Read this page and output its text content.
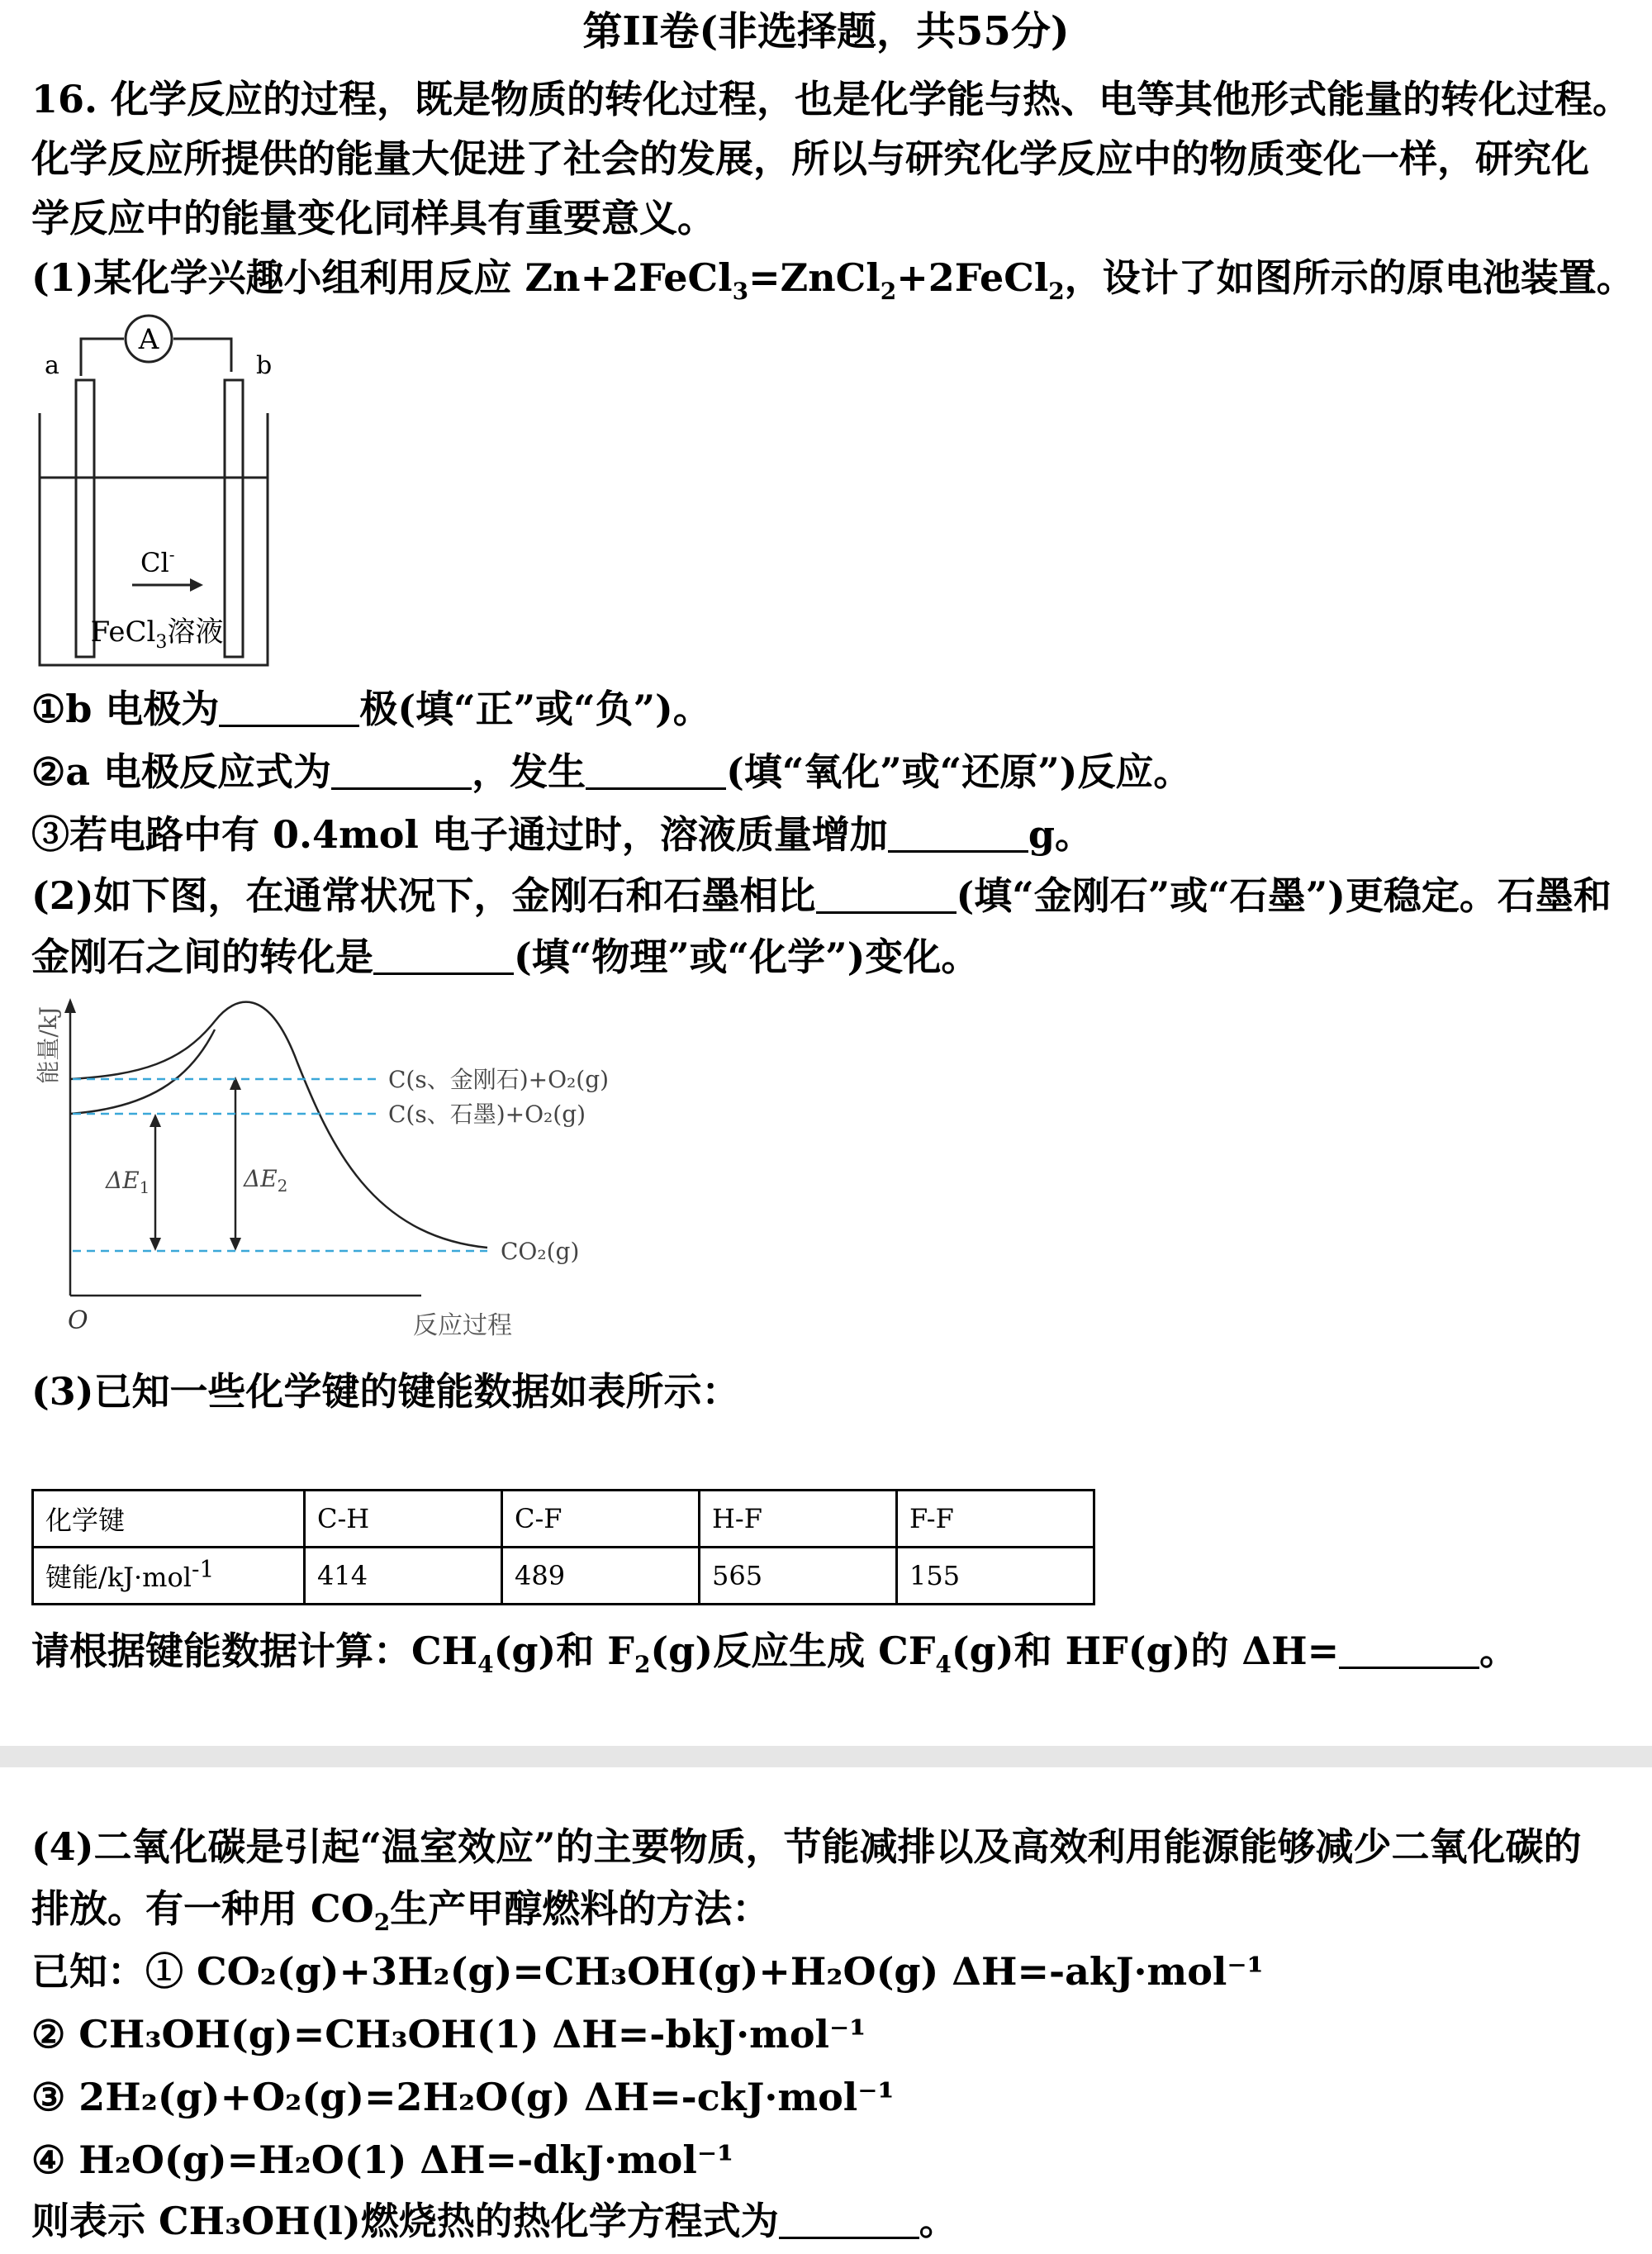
第II卷(非选择题，共55分)
16. 化学反应的过程，既是物质的转化过程，也是化学能与热、电等其他形式能量的转化过程。
化学反应所提供的能量大促进了社会的发展，所以与研究化学反应中的物质变化一样，研究化
学反应中的能量变化同样具有重要意义。
(1)某化学兴趣小组利用反应 Zn+2FeCl$_3$=ZnCl$_2$+2FeCl$_2$，设计了如图所示的原电池装置。
A
a	b
Cl-
FeCl$_3$溶液
①b 电极为	极(填“正”或“负”)。
②a 电极反应式为	，发生	(填“氧化”或“还原”)反应。
③若电路中有 0.4mol 电子通过时，溶液质量增加	g。
(2)如下图，在通常状况下，金刚石和石墨相比	(填“金刚石”或“石墨”)更稳定。石墨和
金刚石之间的转化是	(填“物理”或“化学”)变化。
能量/kJ
反应过程
O
C(s、金刚石)+O₂(g)
C(s、石墨)+O₂(g)
CO₂(g)
$\Delta E_1$	$\Delta E_2$
(3)已知一些化学键的键能数据如表所示：
化学键	C-H	C-F	H-F	F-F
键能/kJ·mol$^{-1}$	414	489	565	155
请根据键能数据计算：$CH_4(g)$和 $F_2(g)$反应生成 $CF_4(g)$和 HF(g)的 ΔH=	。
(4)二氧化碳是引起“温室效应”的主要物质，节能减排以及高效利用能源能够减少二氧化碳的
排放。有一种用 $CO_2$生产甲醇燃料的方法：
已知：① CO₂(g)+3H₂(g)=CH₃OH(g)+H₂O(g) ΔH=-akJ·mol⁻¹
② CH₃OH(g)=CH₃OH(1) ΔH=-bkJ·mol⁻¹
③ 2H₂(g)+O₂(g)=2H₂O(g) ΔH=-ckJ·mol⁻¹
④ H₂O(g)=H₂O(1) ΔH=-dkJ·mol⁻¹
则表示 CH₃OH(l)燃烧热的热化学方程式为	。
